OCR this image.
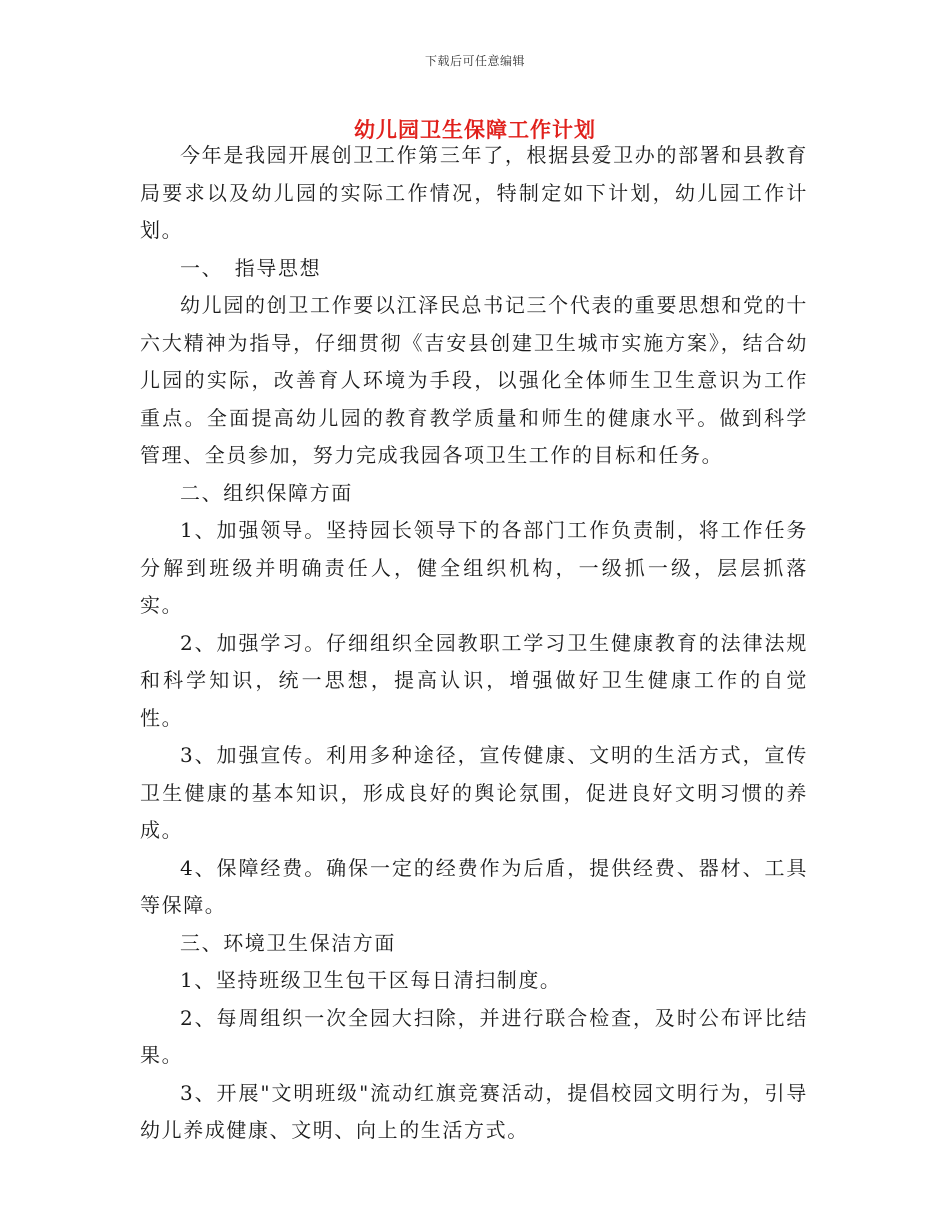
下载后可任意编辑
幼儿园卫生保障工作计划

今年是我园开展创卫工作第三年了，根据县爱卫办的部署和县教育局要求以及幼儿园的实际工作情况，特制定如下计划，幼儿园工作计划。

一、　指导思想

幼儿园的创卫工作要以江泽民总书记三个代表的重要思想和党的十六大精神为指导，仔细贯彻《吉安县创建卫生城市实施方案》，结合幼儿园的实际，改善育人环境为手段，以强化全体师生卫生意识为工作重点。全面提高幼儿园的教育教学质量和师生的健康水平。做到科学管理、全员参加，努力完成我园各项卫生工作的目标和任务。

二、组织保障方面

1、加强领导。坚持园长领导下的各部门工作负责制，将工作任务分解到班级并明确责任人，健全组织机构，一级抓一级，层层抓落实。

2、加强学习。仔细组织全园教职工学习卫生健康教育的法律法规和科学知识，统一思想，提高认识，增强做好卫生健康工作的自觉性。

3、加强宣传。利用多种途径，宣传健康、文明的生活方式，宣传卫生健康的基本知识，形成良好的舆论氛围，促进良好文明习惯的养成。

4、保障经费。确保一定的经费作为后盾，提供经费、器材、工具等保障。

三、环境卫生保洁方面

1、坚持班级卫生包干区每日清扫制度。

2、每周组织一次全园大扫除，并进行联合检查，及时公布评比结果。

3、开展"文明班级"流动红旗竞赛活动，提倡校园文明行为，引导幼儿养成健康、文明、向上的生活方式。
